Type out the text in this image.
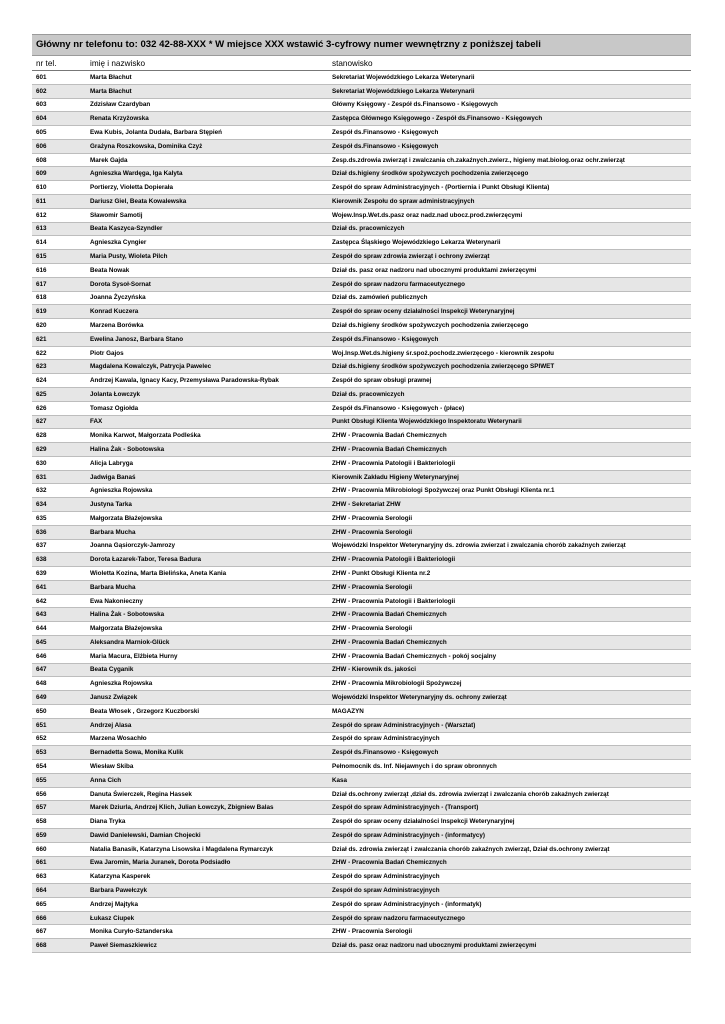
Główny nr telefonu to: 032 42-88-XXX * W miejsce XXX wstawić 3-cyfrowy numer wewnętrzny z poniższej tabeli
nr tel.	imię i nazwisko	stanowisko
601	Marta Błachut	Sekretariat Wojewódzkiego Lekarza Weterynarii
602	Marta Błachut	Sekretariat Wojewódzkiego Lekarza Weterynarii
603	Zdzisław Czardyban	Główny Księgowy - Zespół ds.Finansowo - Księgowych
604	Renata Krzyżowska	Zastępca Głównego Księgowego - Zespół ds.Finansowo - Księgowych
605	Ewa Kubis, Jolanta Dudała, Barbara Stępień	Zespół ds.Finansowo - Księgowych
606	Grażyna Roszkowska, Dominika Czyż	Zespół ds.Finansowo - Księgowych
608	Marek Gajda	Zesp.ds.zdrowia zwierząt i zwalczania ch.zakaźnych.zwierz., higieny mat.biolog.oraz ochr.zwierząt
609	Agnieszka Wardęga, Iga Kalyta	Dział ds.higieny środków spożywczych pochodzenia zwierzęcego
610	Portierzy, Violetta Dopierała	Zespół do spraw Administracyjnych - (Portiernia i Punkt Obsługi Klienta)
611	Dariusz Giel, Beata Kowalewska	Kierownik Zespołu do spraw administracyjnych
612	Sławomir Samotij	Wojew.Insp.Wet.ds.pasz oraz nadz.nad ubocz.prod.zwierzęcymi
613	Beata Kaszyca-Szyndler	Dział ds. pracowniczych
614	Agnieszka Cyngier	Zastępca Śląskiego Wojewódzkiego Lekarza Weterynarii
615	Maria Pusty, Wioleta Pilch	Zespół do spraw zdrowia zwierząt i ochrony zwierząt
616	Beata Nowak	Dział ds. pasz oraz nadzoru nad ubocznymi produktami zwierzęcymi
617	Dorota Sysoł-Sornat	Zespół do spraw nadzoru farmaceutycznego
618	Joanna Życzyńska	Dział ds. zamówień publicznych
619	Konrad Kuczera	Zespół do spraw oceny działalności Inspekcji Weterynaryjnej
620	Marzena Borówka	Dział ds.higieny środków spożywczych pochodzenia zwierzęcego
621	Ewelina Janosz, Barbara Stano	Zespół ds.Finansowo - Księgowych
622	Piotr Gajos	Woj.Insp.Wet.ds.higieny śr.spoż.pochodz.zwierzęcego - kierownik zespołu
623	Magdalena Kowalczyk, Patrycja Pawelec	Dział ds.higieny środków spożywczych pochodzenia zwierzęcego SPIWET
624	Andrzej Kawala, Ignacy Kacy, Przemysława Paradowska-Rybak	Zespół do spraw obsługi prawnej
625	Jolanta Łowczyk	Dział ds. pracowniczych
626	Tomasz Ogiołda	Zespół ds.Finansowo - Księgowych - (płace)
627	FAX	Punkt Obsługi Klienta Wojewódzkiego Inspektoratu Weterynarii
628	Monika Karwot, Małgorzata Podleśka	ZHW - Pracownia Badań Chemicznych
629	Halina Żak - Sobotowska	ZHW - Pracownia Badań Chemicznych
630	Alicja Labryga	ZHW - Pracownia Patologii i Bakteriologii
631	Jadwiga Banaś	Kierownik Zakładu Higieny Weterynaryjnej
632	Agnieszka Rojowska	ZHW - Pracownia Mikrobiologi Spożywczej oraz Punkt Obsługi Klienta nr.1
634	Justyna Tarka	ZHW - Sekretariat ZHW
635	Małgorzata Błażejowska	ZHW - Pracownia Serologii
636	Barbara Mucha	ZHW - Pracownia Serologii
637	Joanna Gąsiorczyk-Jamrozy	Wojewódzki Inspektor Weterynaryjny ds. zdrowia zwierzat i zwalczania chorób zakaźnych zwierząt
638	Dorota Łazarek-Tabor, Teresa Badura	ZHW - Pracownia Patologii i Bakteriologii
639	Wioletta Kozina, Marta Bielińska, Aneta Kania	ZHW - Punkt Obsługi Klienta nr.2
641	Barbara Mucha	ZHW - Pracownia Serologii
642	Ewa Nakonieczny	ZHW - Pracownia Patologii i Bakteriologii
643	Halina Żak - Sobotowska	ZHW - Pracownia Badań Chemicznych
644	Małgorzata Błażejowska	ZHW - Pracownia Serologii
645	Aleksandra Marniok-Glück	ZHW - Pracownia Badań Chemicznych
646	Maria Macura, Elżbieta Hurny	ZHW - Pracownia Badań Chemicznych - pokój socjalny
647	Beata Cyganik	ZHW - Kierownik ds. jakości
648	Agnieszka Rojowska	ZHW - Pracownia Mikrobiologii Spożywczej
649	Janusz Związek	Wojewódzki Inspektor Weterynaryjny ds. ochrony zwierząt
650	Beata Włosek , Grzegorz Kuczborski	MAGAZYN
651	Andrzej Alasa	Zespół do spraw Administracyjnych - (Warsztat)
652	Marzena Wosachło	Zespół do spraw Administracyjnych
653	Bernadetta Sowa, Monika Kulik	Zespół ds.Finansowo - Księgowych
654	Wiesław Skiba	Pełnomocnik ds. Inf. Niejawnych i do spraw obronnych
655	Anna Cich	Kasa
656	Danuta Świerczek, Regina Hassek	Dział ds.ochrony zwierząt ,dział ds. zdrowia zwierząt i zwalczania chorób zakaźnych zwierząt
657	Marek Dziurla, Andrzej Klich, Julian Łowczyk, Zbigniew Balas	Zespół do spraw Administracyjnych - (Transport)
658	Diana Tryka	Zespół do spraw oceny działalności Inspekcji Weterynaryjnej
659	Dawid Danielewski, Damian Chojecki	Zespół do spraw Administracyjnych - (informatycy)
660	Natalia Banasik, Katarzyna Lisowska i Magdalena Rymarczyk	Dział ds. zdrowia zwierząt i zwalczania chorób zakaźnych zwierząt, Dział ds.ochrony zwierząt
661	Ewa Jaromin, Maria Juranek, Dorota Podsiadło	ZHW - Pracownia Badań Chemicznych
663	Katarzyna Kasperek	Zespół do spraw Administracyjnych
664	Barbara Pawełczyk	Zespół do spraw Administracyjnych
665	Andrzej Majtyka	Zespół do spraw Administracyjnych - (informatyk)
666	Łukasz Ciupek	Zespół do spraw nadzoru farmaceutycznego
667	Monika Curyło-Sztanderska	ZHW - Pracownia Serologii
668	Paweł Siemaszkiewicz	Dział ds. pasz oraz nadzoru nad ubocznymi produktami zwierzęcymi
